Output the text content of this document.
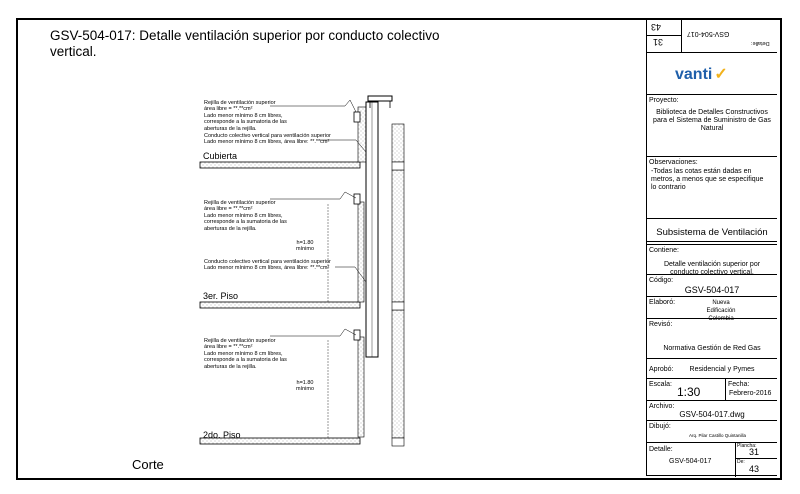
GSV-504-017: Detalle ventilación superior por conducto colectivo vertical.
Cubierta
3er. Piso
2do. Piso
Rejilla de ventilación superior
área libre = **.**cm²
Lado menor mínimo 8 cm libres,
corresponde a la sumatoria de las
aberturas de la rejilla.
Conducto colectivo vertical para ventilación superior
Lado menor mínimo 8 cm libres, área libre: **.**cm²
Rejilla de ventilación superior
área libre = **.**cm²
Lado menor mínimo 8 cm libres,
corresponde a la sumatoria de las
aberturas de la rejilla.
h=1.80
mínimo
Conducto colectivo vertical para ventilación superior
Lado menor mínimo 8 cm libres, área libre: **.**cm²
Rejilla de ventilación superior
área libre = **.**cm²
Lado menor mínimo 8 cm libres,
corresponde a la sumatoria de las
aberturas de la rejilla.
h=1.80
mínimo
Corte
43
31
GSV-504-017
Detalle:
vanti ✓
Proyecto:
Biblioteca de Detalles Constructivos para el Sistema de Suministro de Gas Natural
Observaciones:
-Todas las cotas están dadas en metros, a menos que se especifique lo contrario
Subsistema de Ventilación
Contiene:
Detalle ventilación superior por conducto colectivo vertical.
Código:
GSV-504-017
Elaboró:	Nueva Edificación Colombia
Revisó:
Normativa Gestión de Red Gas
Aprobó:	Residencial y Pymes
Escala:
1:30
Fecha:
Febrero-2016
Archivo:
GSV-504-017.dwg
Dibujó:
Arq. Pilar Castillo Quintanilla
Detalle:
GSV-504-017
Plancha:
31
De:
43
